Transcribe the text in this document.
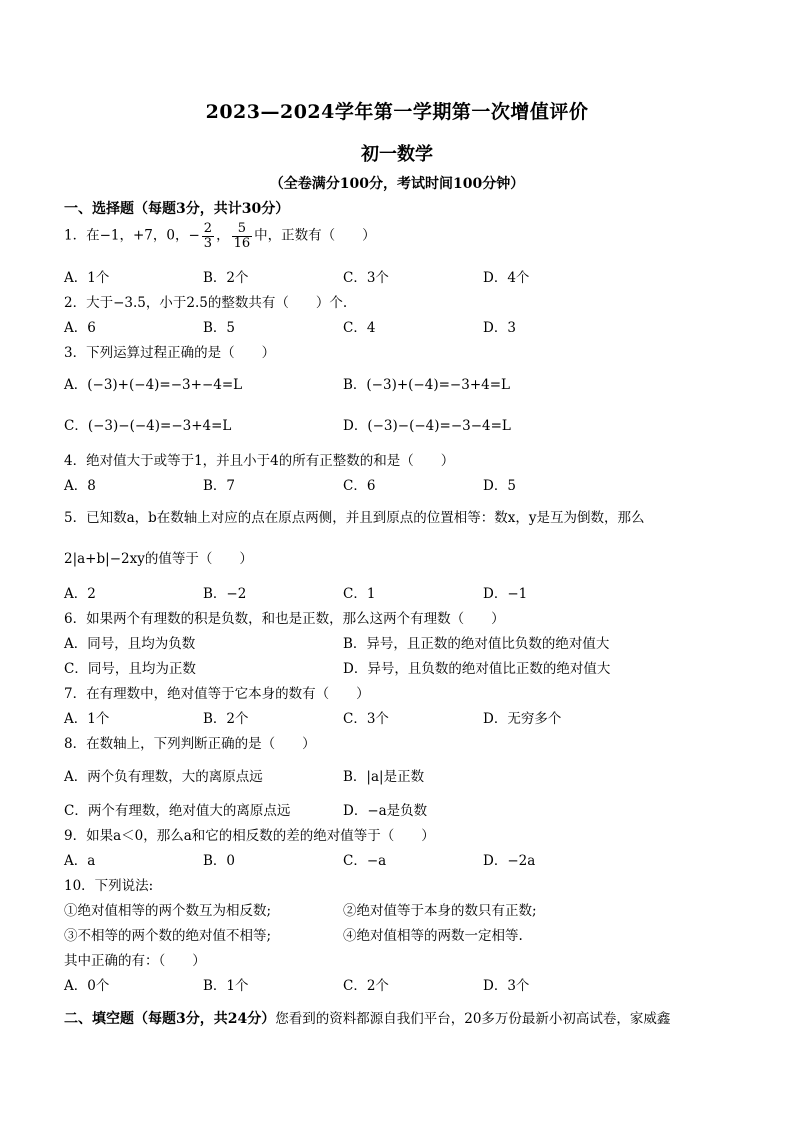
2023—2024学年第一学期第一次增值评价
初一数学
（全卷满分100分，考试时间100分钟）
一、选择题（每题3分，共计30分）
1．在−1，+7，0，− $\frac{2}{3}$ ， $\frac{5}{16}$ 中，正数有（　　）
A．1个	B．2个	C．3个	D．4个
2．大于−3.5，小于2.5的整数共有（　　）个.
A．6	B．5	C．4	D．3
3．下列运算过程正确的是（　　）
A．(−3)+(−4)=−3+−4=L	B．(−3)+(−4)=−3+4=L
C．(−3)−(−4)=−3+4=L	D．(−3)−(−4)=−3−4=L
4．绝对值大于或等于1，并且小于4的所有正整数的和是（　　）
A．8	B．7	C．6	D．5
5．已知数a，b在数轴上对应的点在原点两侧，并且到原点的位置相等：数x，y是互为倒数，那么
2|a+b|−2xy的值等于（　　）
A．2	B．−2	C．1	D．−1
6．如果两个有理数的积是负数，和也是正数，那么这两个有理数（　　）
A．同号，且均为负数	B．异号，且正数的绝对值比负数的绝对值大
C．同号，且均为正数	D．异号，且负数的绝对值比正数的绝对值大
7．在有理数中，绝对值等于它本身的数有（　　）
A．1个	B．2个	C．3个	D．无穷多个
8．在数轴上，下列判断正确的是（　　）
A．两个负有理数，大的离原点远	B．|a|是正数
C．两个有理数，绝对值大的离原点远	D．−a是负数
9．如果a＜0，那么a和它的相反数的差的绝对值等于（　　）
A．a	B．0	C．−a	D．−2a
10．下列说法:
①绝对值相等的两个数互为相反数;	②绝对值等于本身的数只有正数;
③不相等的两个数的绝对值不相等;	④绝对值相等的两数一定相等.
其中正确的有：（　　）
A．0个	B．1个	C．2个	D．3个
二、填空题（每题3分，共24分）您看到的资料都源自我们平台，20多万份最新小初高试卷，家威鑫
